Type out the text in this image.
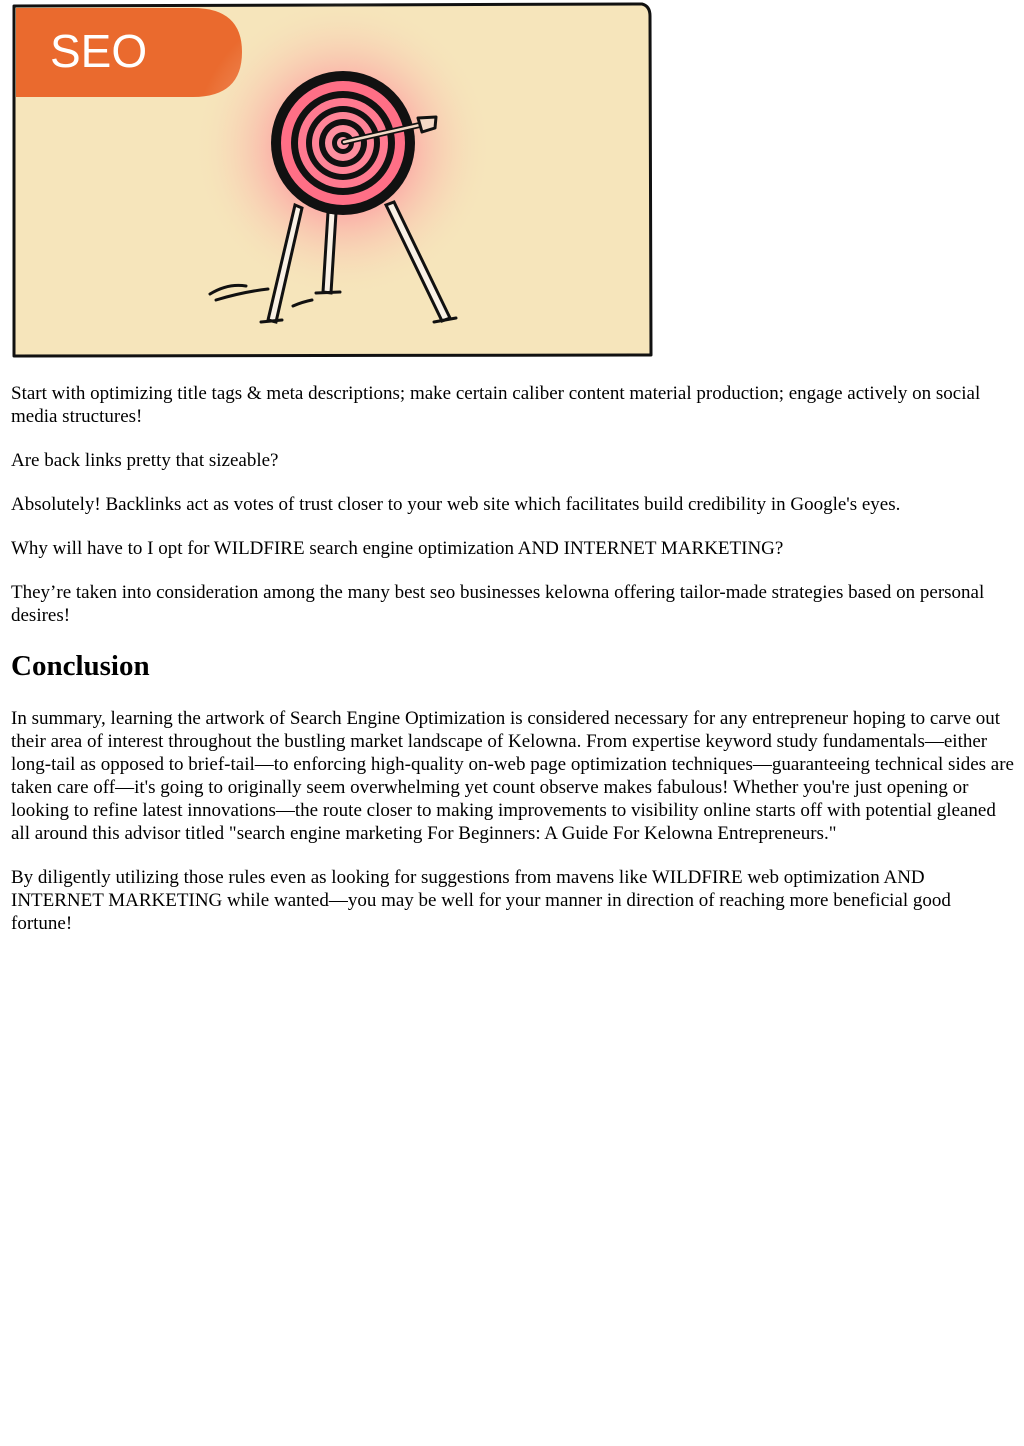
SEO

Start with optimizing title tags & meta descriptions; make certain caliber content material production; engage actively on social media structures!

Are back links pretty that sizeable?

Absolutely! Backlinks act as votes of trust closer to your web site which facilitates build credibility in Google's eyes.

Why will have to I opt for WILDFIRE search engine optimization AND INTERNET MARKETING?

They’re taken into consideration among the many best seo businesses kelowna offering tailor-made strategies based on personal desires!

Conclusion

In summary, learning the artwork of Search Engine Optimization is considered necessary for any entrepreneur hoping to carve out their area of interest throughout the bustling market landscape of Kelowna. From expertise keyword study fundamentals—either long-tail as opposed to brief-tail—to enforcing high-quality on-web page optimization techniques—guaranteeing technical sides are taken care off—it's going to originally seem overwhelming yet count observe makes fabulous! Whether you're just opening or looking to refine latest innovations—the route closer to making improvements to visibility online starts off with potential gleaned all around this advisor titled "search engine marketing For Beginners: A Guide For Kelowna Entrepreneurs."

By diligently utilizing those rules even as looking for suggestions from mavens like WILDFIRE web optimization AND INTERNET MARKETING while wanted—you may be well for your manner in direction of reaching more beneficial good fortune!
